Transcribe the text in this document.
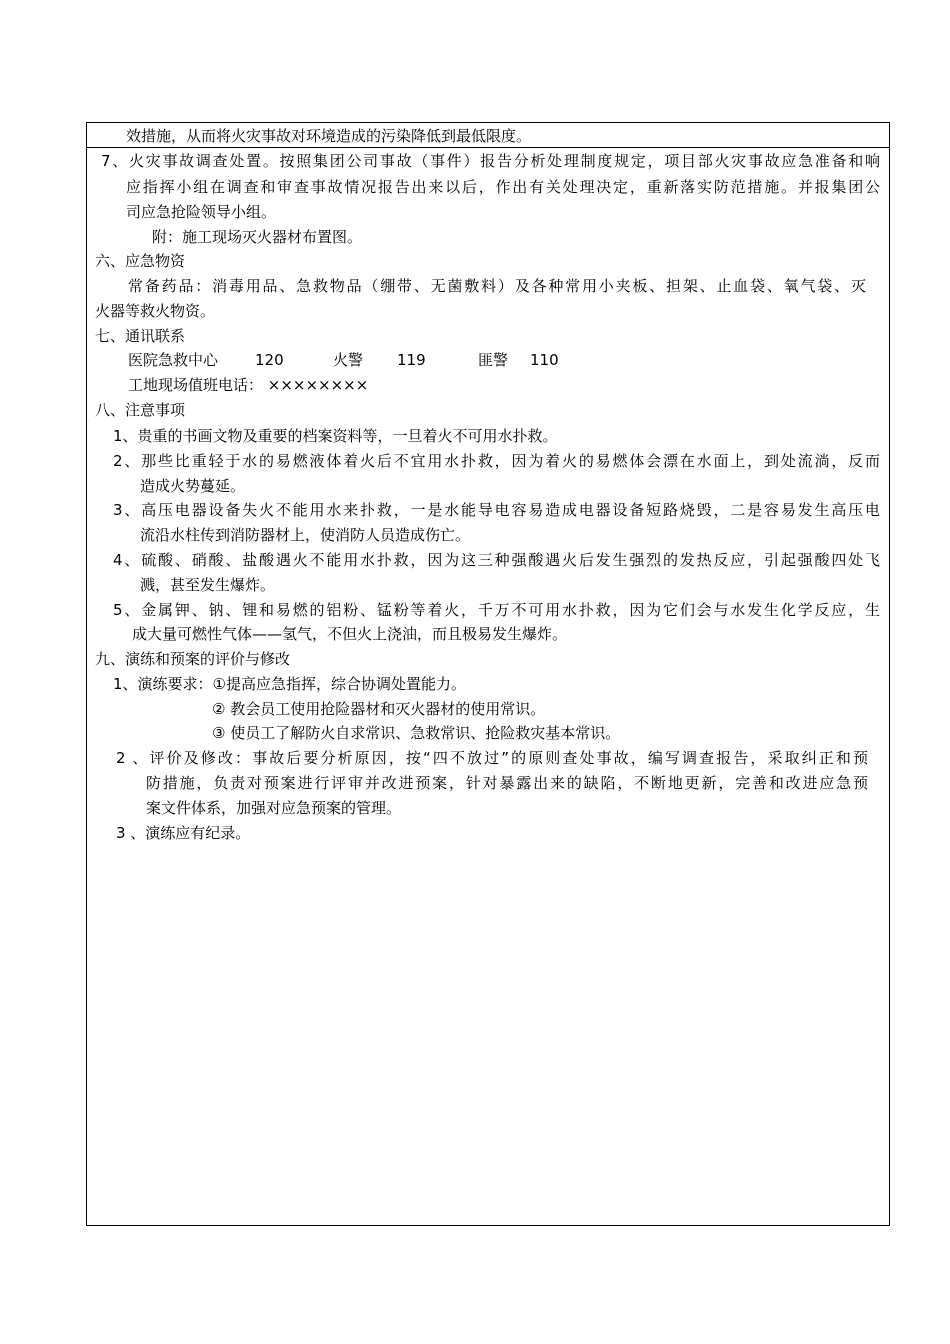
效措施，从而将火灾事故对环境造成的污染降低到最低限度。
7、火灾事故调查处置。按照集团公司事故（事件）报告分析处理制度规定，项目部火灾事故应急准备和响
应指挥小组在调查和审查事故情况报告出来以后，作出有关处理决定，重新落实防范措施。并报集团公
司应急抢险领导小组。
附：施工现场灭火器材布置图。
六、应急物资
常备药品：消毒用品、急救物品（绷带、无菌敷料）及各种常用小夹板、担架、止血袋、氧气袋、灭
火器等救火物资。
七、通讯联系
医院急救中心 120	火警 119	匪警 110
工地现场值班电话： ××××××××
八、注意事项
1、贵重的书画文物及重要的档案资料等，一旦着火不可用水扑救。
2、那些比重轻于水的易燃液体着火后不宜用水扑救，因为着火的易燃体会漂在水面上，到处流淌，反而
造成火势蔓延。
3、高压电器设备失火不能用水来扑救，一是水能导电容易造成电器设备短路烧毁，二是容易发生高压电
流沿水柱传到消防器材上，使消防人员造成伤亡。
4、硫酸、硝酸、盐酸遇火不能用水扑救，因为这三种强酸遇火后发生强烈的发热反应，引起强酸四处飞
溅，甚至发生爆炸。
5、金属钾、钠、锂和易燃的铝粉、锰粉等着火，千万不可用水扑救，因为它们会与水发生化学反应，生
成大量可燃性气体——氢气，不但火上浇油，而且极易发生爆炸。
九、演练和预案的评价与修改
1、演练要求：①提高应急指挥，综合协调处置能力。
② 教会员工使用抢险器材和灭火器材的使用常识。
③ 使员工了解防火自求常识、急救常识、抢险救灾基本常识。
2 、评价及修改：事故后要分析原因，按“四不放过”的原则查处事故，编写调查报告，采取纠正和预
防措施，负责对预案进行评审并改进预案，针对暴露出来的缺陷，不断地更新，完善和改进应急预
案文件体系，加强对应急预案的管理。
3 、演练应有纪录。
